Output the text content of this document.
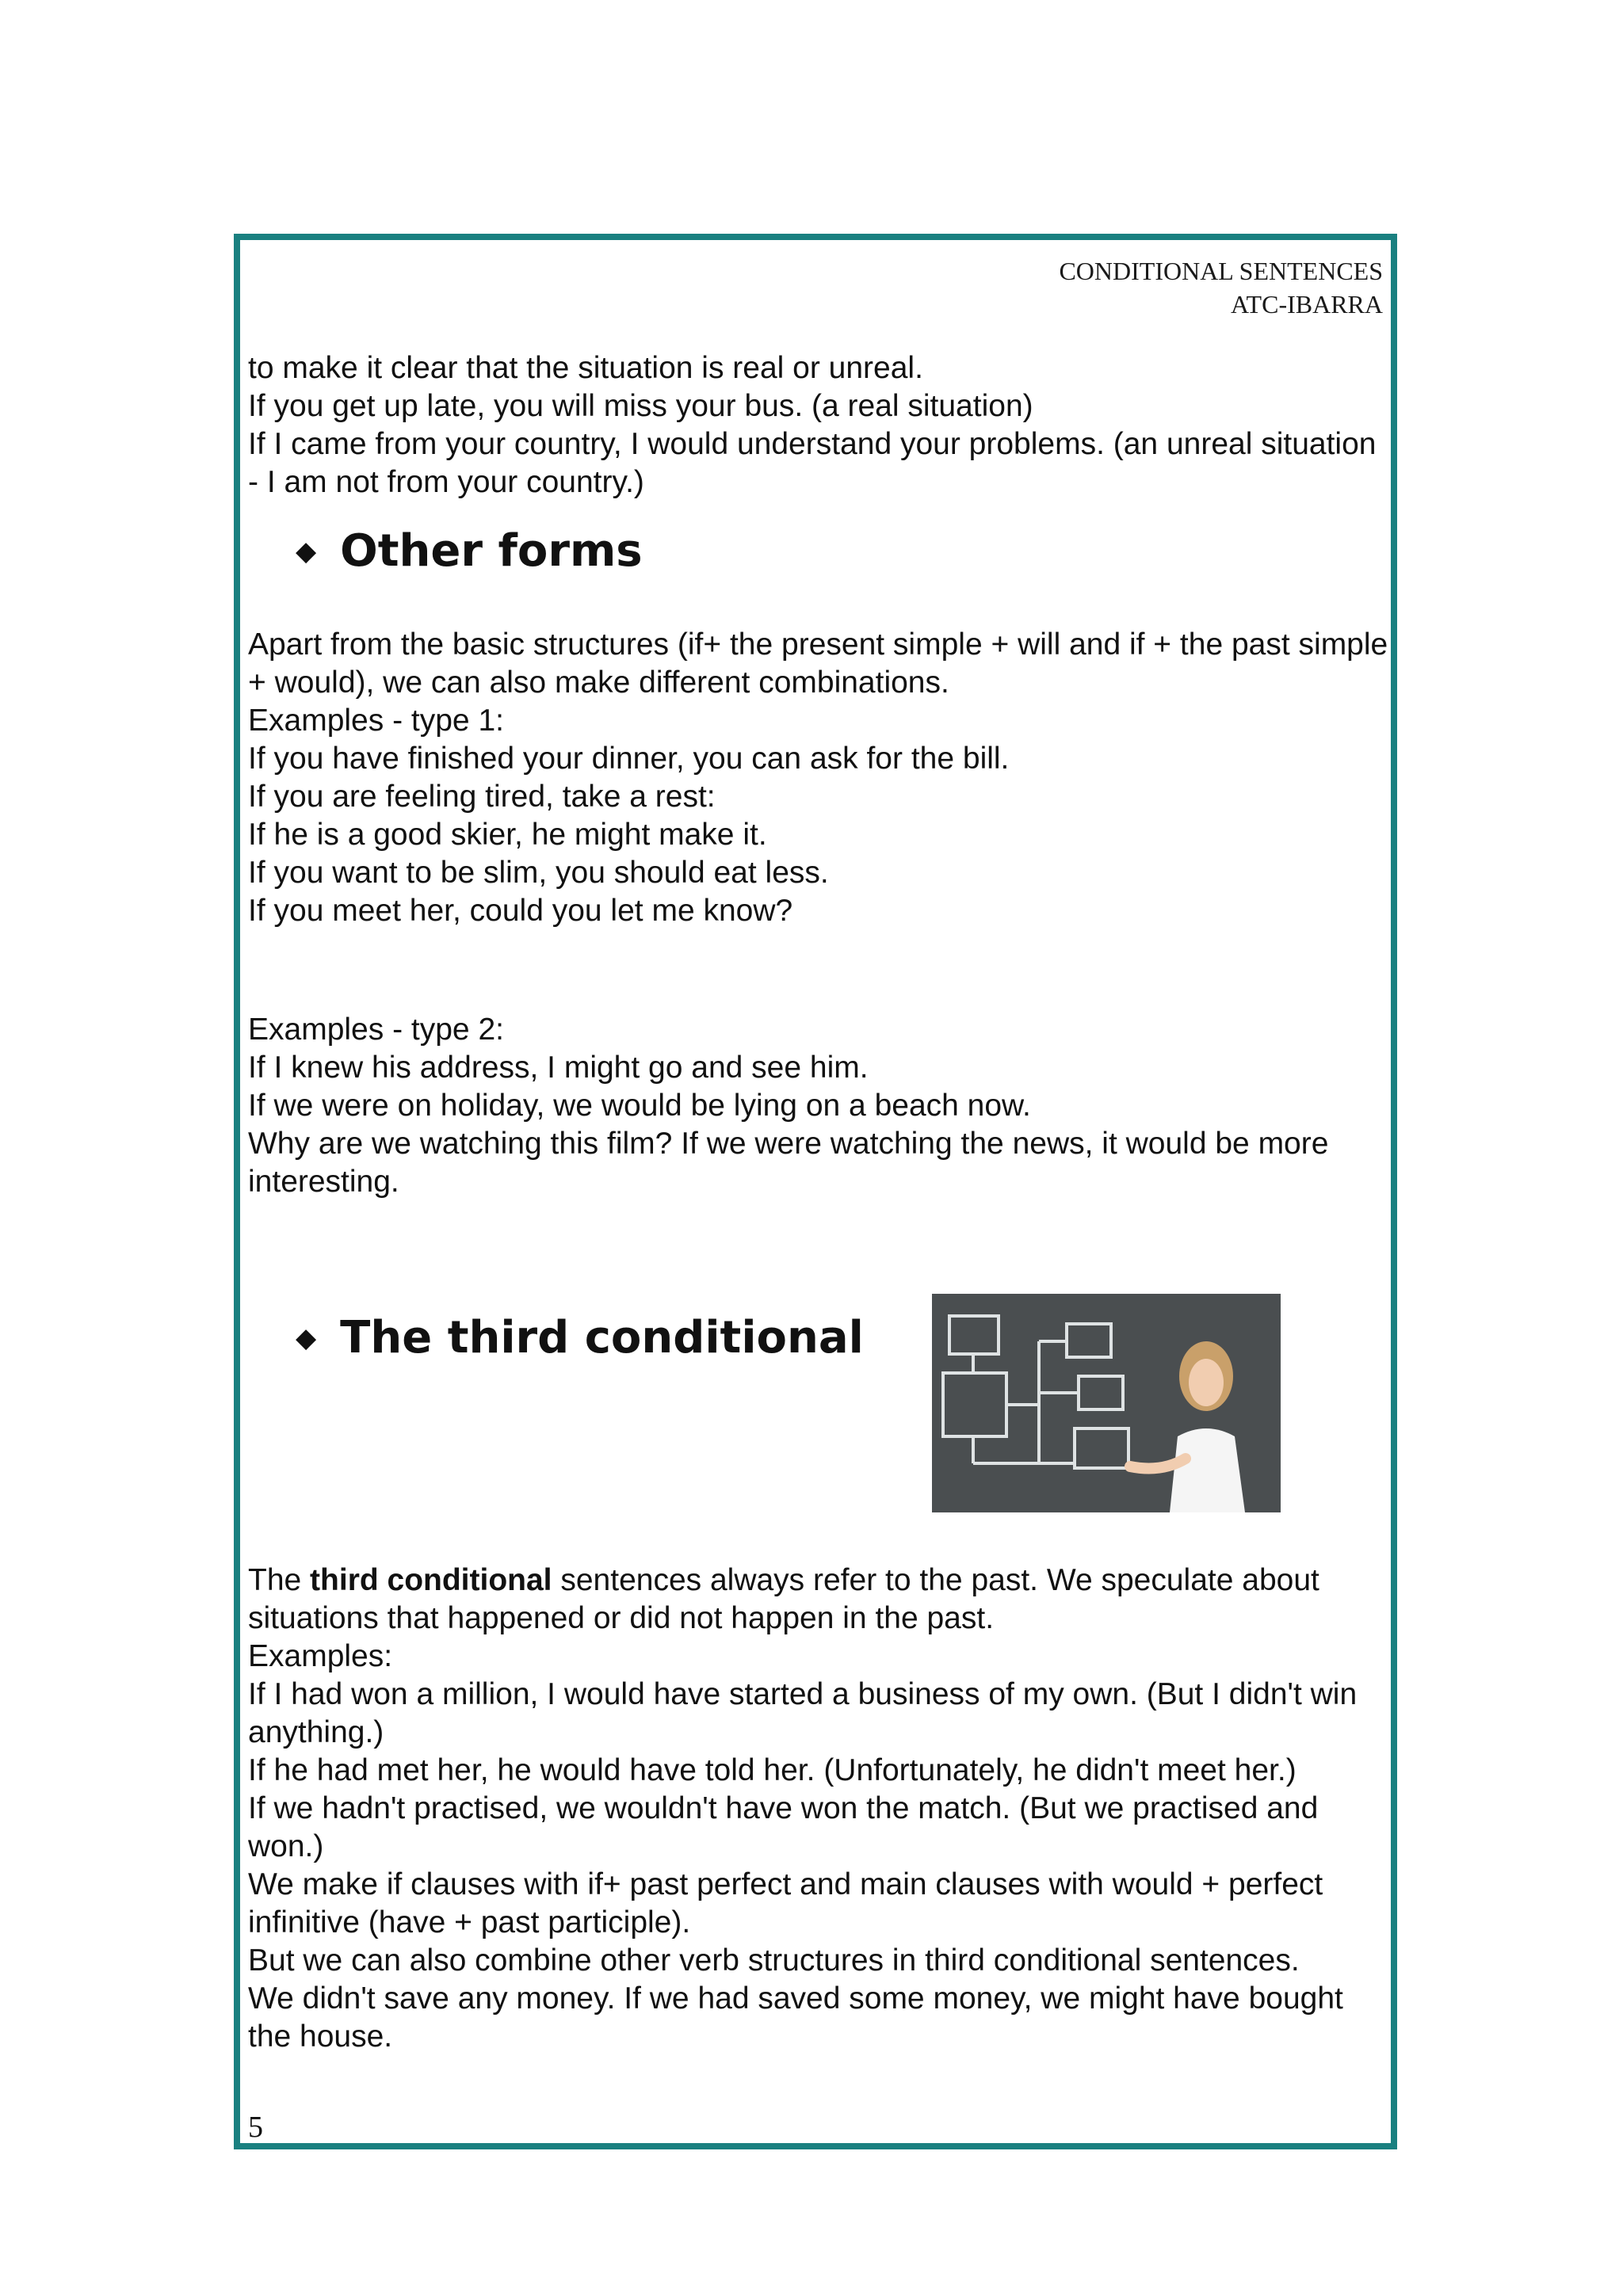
CONDITIONAL SENTENCES
ATC-IBARRA

to make it clear that the situation is real or unreal.

If you get up late, you will miss your bus. (a real situation)

If I came from your country, I would understand your problems. (an unreal situation - I am not from your country.)

◆ Other forms

Apart from the basic structures (if+ the present simple + will and if + the past simple + would), we can also make different combinations.

Examples - type 1:

If you have finished your dinner, you can ask for the bill.

If you are feeling tired, take a rest:

If he is a good skier, he might make it.

If you want to be slim, you should eat less.

If you meet her, could you let me know?

Examples - type 2:

If I knew his address, I might go and see him.

If we were on holiday, we would be lying on a beach now.

Why are we watching this film? If we were watching the news, it would be more interesting.

◆ The third conditional

The third conditional sentences always refer to the past. We speculate about situations that happened or did not happen in the past.

Examples:

If I had won a million, I would have started a business of my own. (But I didn't win anything.)

If he had met her, he would have told her. (Unfortunately, he didn't meet her.)

If we hadn't practised, we wouldn't have won the match. (But we practised and won.)

We make if clauses with if+ past perfect and main clauses with would + perfect infinitive (have + past participle).

But we can also combine other verb structures in third conditional sentences.

We didn't save any money. If we had saved some money, we might have bought the house.

5
